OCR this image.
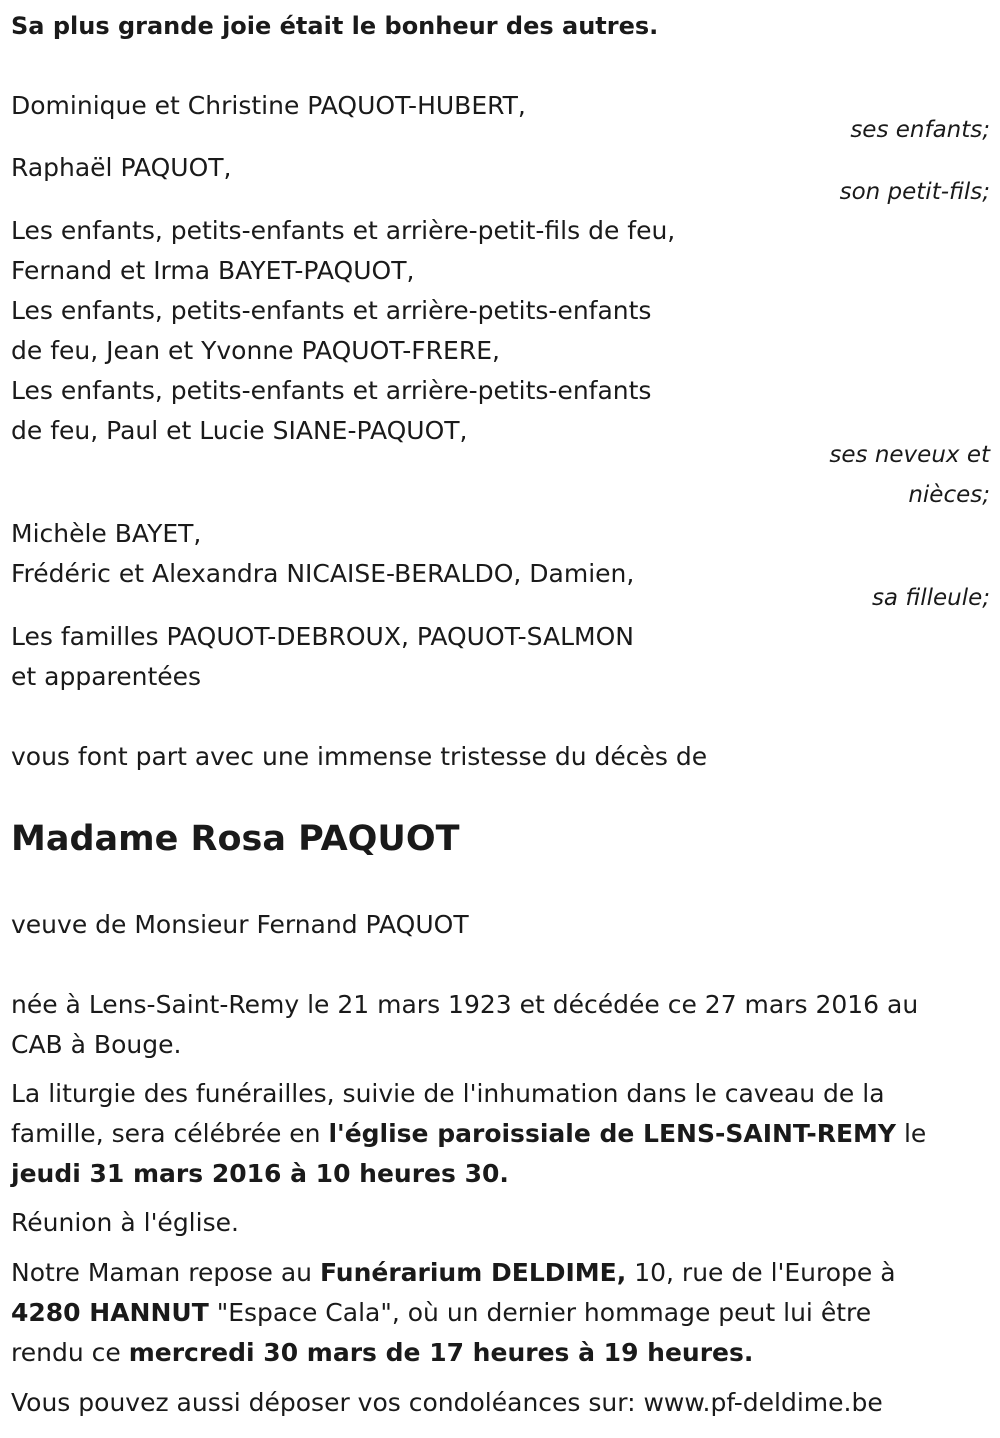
Sa plus grande joie était le bonheur des autres.
Dominique et Christine PAQUOT-HUBERT,
ses enfants;
Raphaël PAQUOT,
son petit-fils;
Les enfants, petits-enfants et arrière-petit-fils de feu,
Fernand et Irma BAYET-PAQUOT,
Les enfants, petits-enfants et arrière-petits-enfants
de feu, Jean et Yvonne PAQUOT-FRERE,
Les enfants, petits-enfants et arrière-petits-enfants
de feu, Paul et Lucie SIANE-PAQUOT,
ses neveux et
nièces;
Michèle BAYET,
Frédéric et Alexandra NICAISE-BERALDO, Damien,
sa filleule;
Les familles PAQUOT-DEBROUX, PAQUOT-SALMON
et apparentées
vous font part avec une immense tristesse du décès de
Madame Rosa PAQUOT
veuve de Monsieur Fernand PAQUOT
née à Lens-Saint-Remy le 21 mars 1923 et décédée ce 27 mars 2016 au
CAB à Bouge.
La liturgie des funérailles, suivie de l'inhumation dans le caveau de la
famille, sera célébrée en l'église paroissiale de LENS-SAINT-REMY le
jeudi 31 mars 2016 à 10 heures 30.
Réunion à l'église.
Notre Maman repose au Funérarium DELDIME, 10, rue de l'Europe à
4280 HANNUT "Espace Cala", où un dernier hommage peut lui être
rendu ce mercredi 30 mars de 17 heures à 19 heures.
Vous pouvez aussi déposer vos condoléances sur: www.pf-deldime.be
